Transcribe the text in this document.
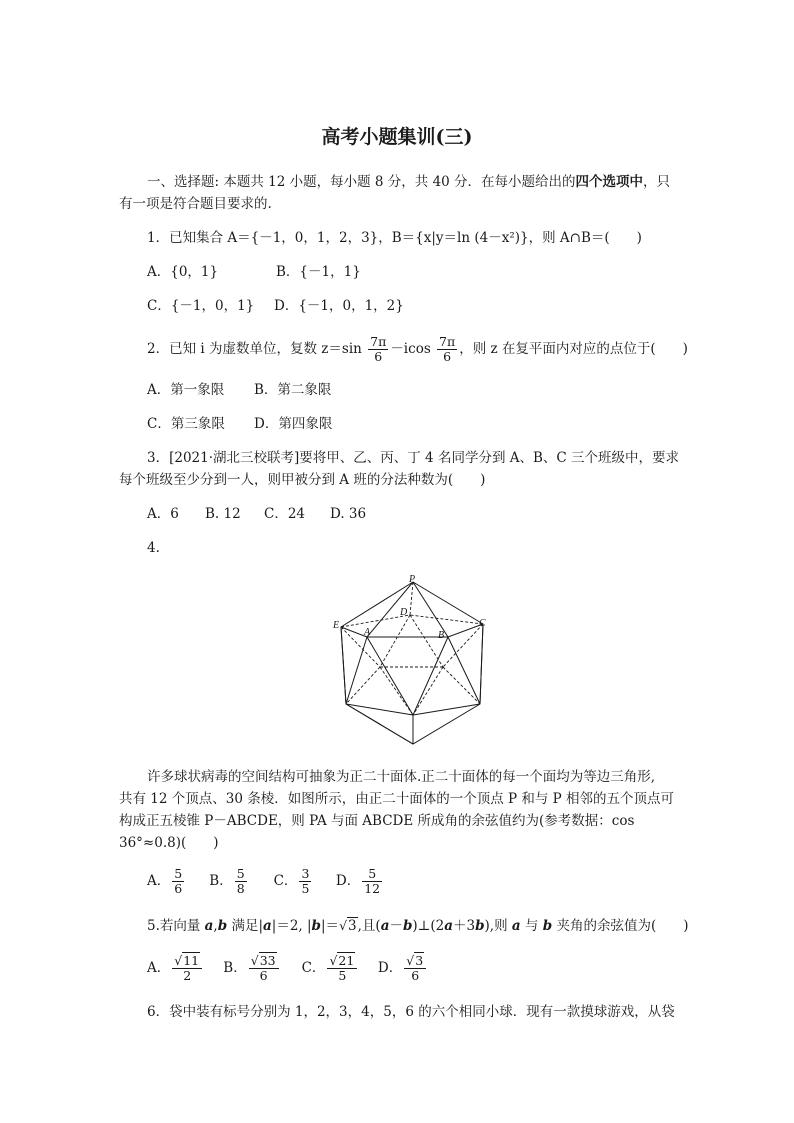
高考小题集训(三)
一、选择题: 本题共 12 小题，每小题 8 分，共 40 分．在每小题给出的四个选项中，只
有一项是符合题目要求的.
1．已知集合 A＝{－1，0，1，2，3}，B＝{x|y＝ln (4－x²)}，则 A∩B＝(　　)
A．{0，1}	B．{－1，1}
C．{－1，0，1} D．{－1，0，1，2}
2．已知 i 为虚数单位，复数 $z=\sin \frac{7\pi}{6} -icos \frac{7\pi}{6}$ ，则 z 在复平面内对应的点位于(　　)
A．第一象限 B．第二象限
C．第三象限 D．第四象限
3．[2021·湖北三校联考]要将甲、乙、丙、丁 4 名同学分到 A、B、C 三个班级中，要求
每个班级至少分到一人，则甲被分到 A 班的分法种数为(　　)
A．6 B. 12 C．24 D. 36
4.
P
D
E
A	B
C
许多球状病毒的空间结构可抽象为正二十面体.正二十面体的每一个面均为等边三角形,
共有 12 个顶点、30 条棱．如图所示，由正二十面体的一个顶点 P 和与 P 相邻的五个顶点可
构成正五棱锥 P－ABCDE，则 PA 与面 ABCDE 所成角的余弦值约为(参考数据：cos
36°≈0.8)(　　)
A． $\frac{5}{6}$ B． $\frac{5}{8}$ C． $\frac{3}{5}$ D． $\frac{5}{12}$
5.若向量 a,b 满足|a|＝2, |b|＝√3,且(a－b)⊥(2a＋3b),则 a 与 b 夹角的余弦值为(　　)
A． $\frac{√11}{2}$ B． $\frac{√33}{6}$ C． $\frac{√21}{5}$ D． $\frac{√3}{6}$
6．袋中装有标号分别为 1，2，3，4，5，6 的六个相同小球．现有一款摸球游戏，从袋
